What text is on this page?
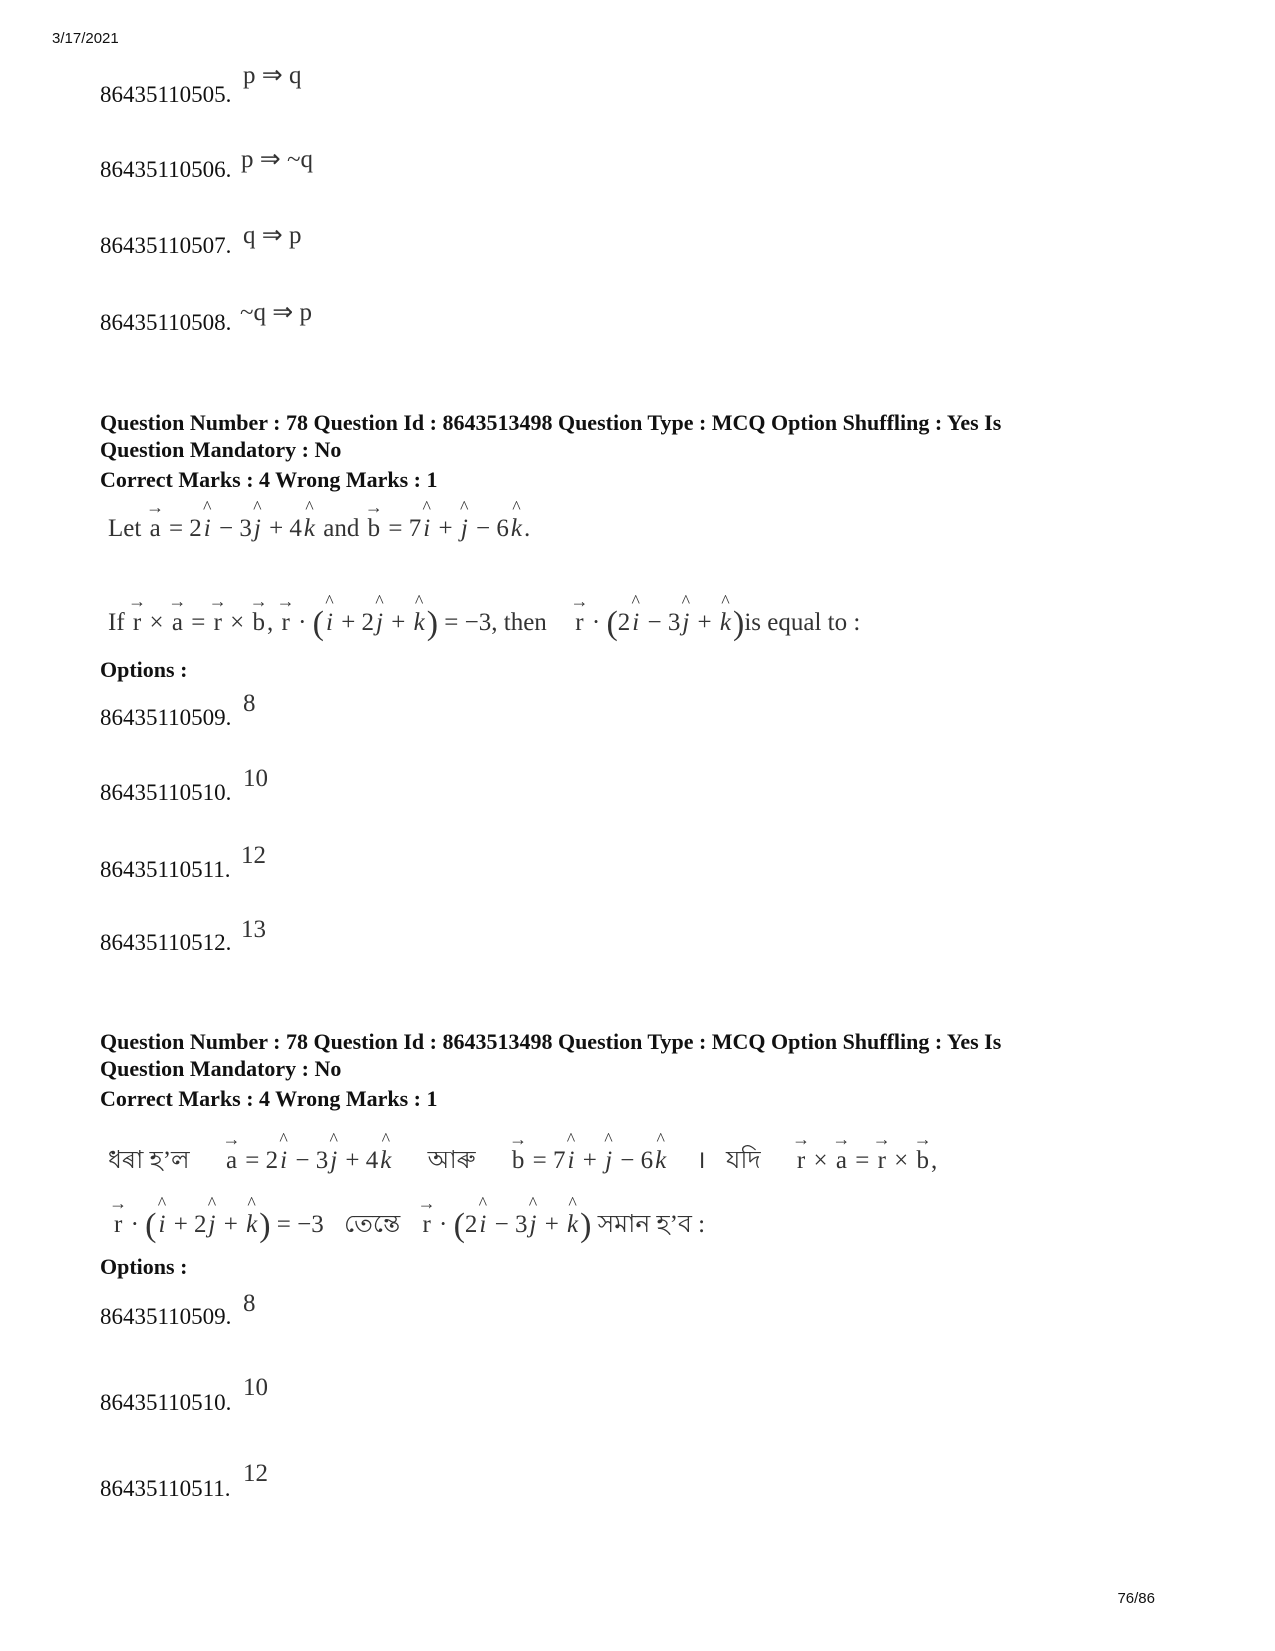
3/17/2021
86435110505.
p ⇒ q
86435110506. p ⇒ ~q
86435110507. q ⇒ p
86435110508. ~q ⇒ p
Question Number : 78 Question Id : 8643513498 Question Type : MCQ Option Shuffling : Yes Is
Question Mandatory : No
Correct Marks : 4 Wrong Marks : 1
Let → a = 2^ i − 3^ j + 4^ k and → b = 7^ i + ^ j − 6^ k.
If → r × → a = → r × → b, → r · (^ i + 2^ j + ^ k) = −3, then → r · (2^ i − 3^ j + ^ k)is equal to :
Options :
86435110509.
8
86435110510.
10
86435110511.
12
86435110512. 13
Question Number : 78 Question Id : 8643513498 Question Type : MCQ Option Shuffling : Yes Is
Question Mandatory : No
Correct Marks : 4 Wrong Marks : 1
ধৰা হ’ল → a = 2^ i − 3^ j + 4^ k আৰু → b = 7^ i + ^ j − 6^ k । যদি → r × → a = → r × → b,
→ r · (^ i + 2^ j + ^ k) = −3 তেন্তে → r · (2^ i − 3^ j + ^ k) সমান হ’ব :
Options :
86435110509. 8
86435110510.
10
86435110511.
12
76/86
